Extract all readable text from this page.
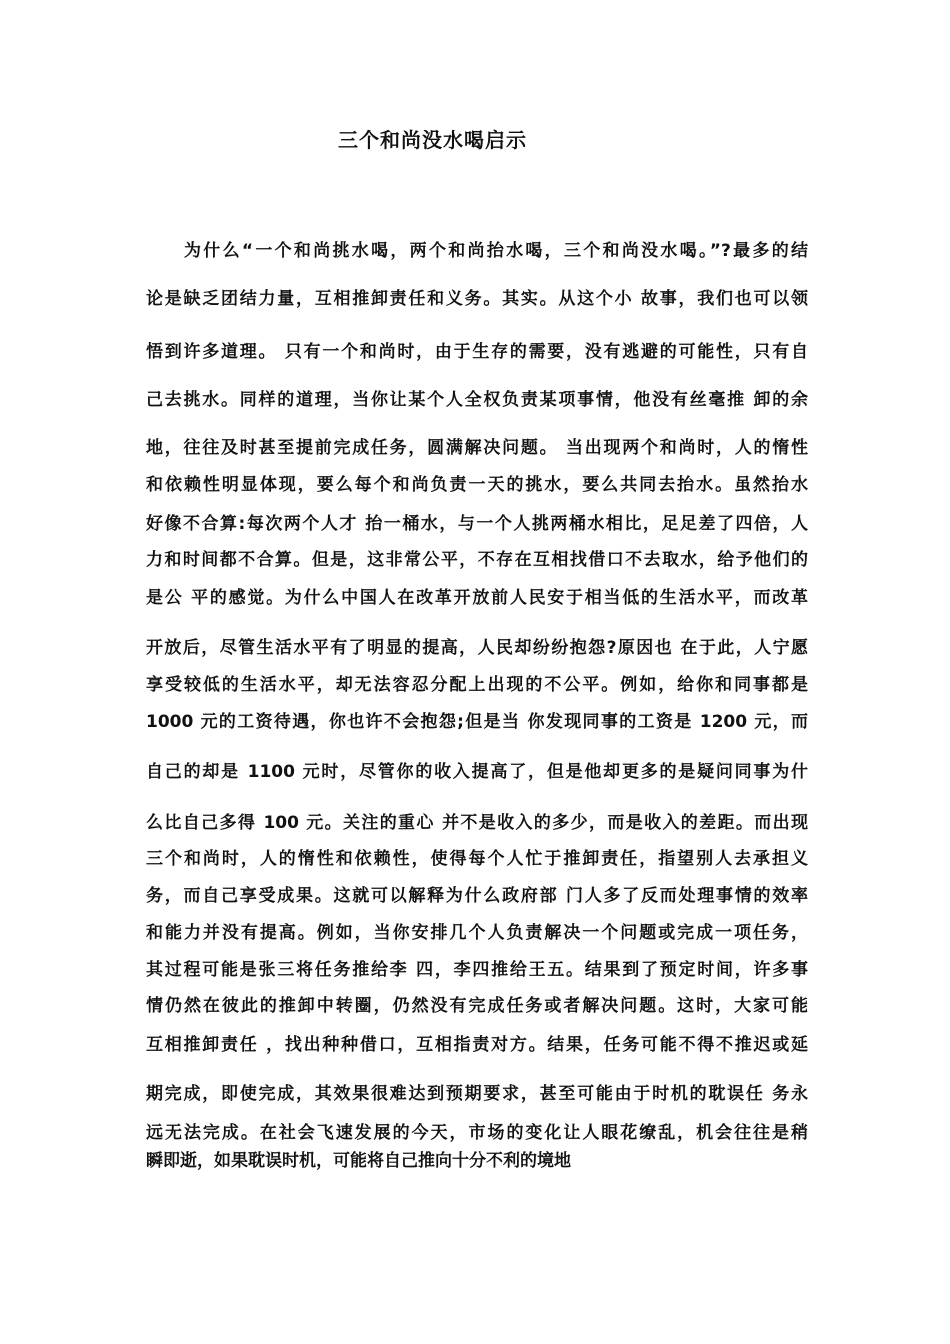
三个和尚没水喝启示
为什么“一个和尚挑水喝，两个和尚抬水喝，三个和尚没水喝。”?最多的结
论是缺乏团结力量，互相推卸责任和义务。其实。从这个小 故事，我们也可以领
悟到许多道理。 只有一个和尚时，由于生存的需要，没有逃避的可能性，只有自
己去挑水。同样的道理，当你让某个人全权负责某项事情，他没有丝毫推 卸的余
地，往往及时甚至提前完成任务，圆满解决问题。 当出现两个和尚时，人的惰性
和依赖性明显体现，要么每个和尚负责一天的挑水，要么共同去抬水。虽然抬水
好像不合算:每次两个人才 抬一桶水，与一个人挑两桶水相比，足足差了四倍，人
力和时间都不合算。但是，这非常公平，不存在互相找借口不去取水，给予他们的
是公 平的感觉。为什么中国人在改革开放前人民安于相当低的生活水平，而改革
开放后，尽管生活水平有了明显的提高，人民却纷纷抱怨?原因也 在于此，人宁愿
享受较低的生活水平，却无法容忍分配上出现的不公平。例如，给你和同事都是
1000 元的工资待遇，你也许不会抱怨;但是当 你发现同事的工资是 1200 元，而
自己的却是 1100 元时，尽管你的收入提高了，但是他却更多的是疑问同事为什
么比自己多得 100 元。关注的重心 并不是收入的多少，而是收入的差距。而出现
三个和尚时，人的惰性和依赖性，使得每个人忙于推卸责任，指望别人去承担义
务，而自己享受成果。这就可以解释为什么政府部 门人多了反而处理事情的效率
和能力并没有提高。例如，当你安排几个人负责解决一个问题或完成一项任务，
其过程可能是张三将任务推给李 四，李四推给王五。结果到了预定时间，许多事
情仍然在彼此的推卸中转圈，仍然没有完成任务或者解决问题。这时，大家可能
互相推卸责任 ，找出种种借口，互相指责对方。结果，任务可能不得不推迟或延
期完成，即使完成，其效果很难达到预期要求，甚至可能由于时机的耽误任 务永
远无法完成。在社会飞速发展的今天，市场的变化让人眼花缭乱，机会往往是稍
瞬即逝，如果耽误时机，可能将自己推向十分不利的境地
